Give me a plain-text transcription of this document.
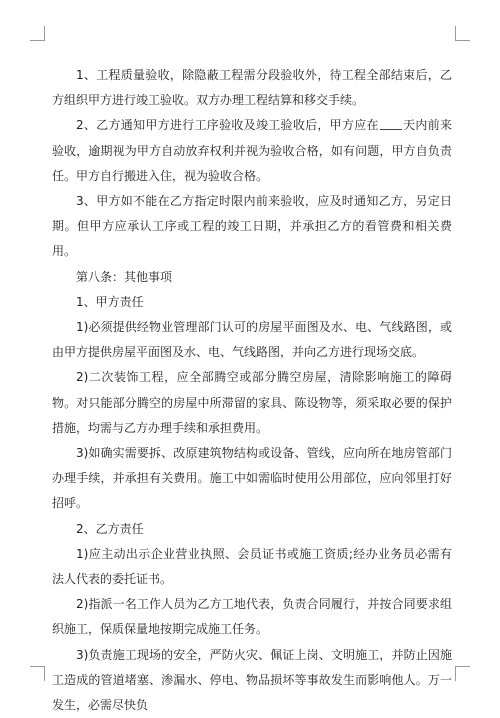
1、工程质量验收，除隐蔽工程需分段验收外，待工程全部结束后，乙方组织甲方进行竣工验收。双方办理工程结算和移交手续。

2、乙方通知甲方进行工序验收及竣工验收后，甲方应在 天内前来验收，逾期视为甲方自动放弃权利并视为验收合格，如有问题，甲方自负责任。甲方自行搬进入住，视为验收合格。

3、甲方如不能在乙方指定时限内前来验收，应及时通知乙方，另定日期。但甲方应承认工序或工程的竣工日期，并承担乙方的看管费和相关费用。

第八条：其他事项

1、甲方责任

1)必须提供经物业管理部门认可的房屋平面图及水、电、气线路图，或由甲方提供房屋平面图及水、电、气线路图，并向乙方进行现场交底。

2)二次装饰工程，应全部腾空或部分腾空房屋，清除影响施工的障碍物。对只能部分腾空的房屋中所滞留的家具、陈设物等，须采取必要的保护措施，均需与乙方办理手续和承担费用。

3)如确实需要拆、改原建筑物结构或设备、管线，应向所在地房管部门办理手续，并承担有关费用。施工中如需临时使用公用部位，应向邻里打好招呼。

2、乙方责任

1)应主动出示企业营业执照、会员证书或施工资质;经办业务员必需有法人代表的委托证书。

2)指派一名工作人员为乙方工地代表，负责合同履行，并按合同要求组织施工，保质保量地按期完成施工任务。

3)负责施工现场的安全，严防火灾、佩证上岗、文明施工，并防止因施工造成的管道堵塞、渗漏水、停电、物品损坏等事故发生而影响他人。万一发生，必需尽快负
